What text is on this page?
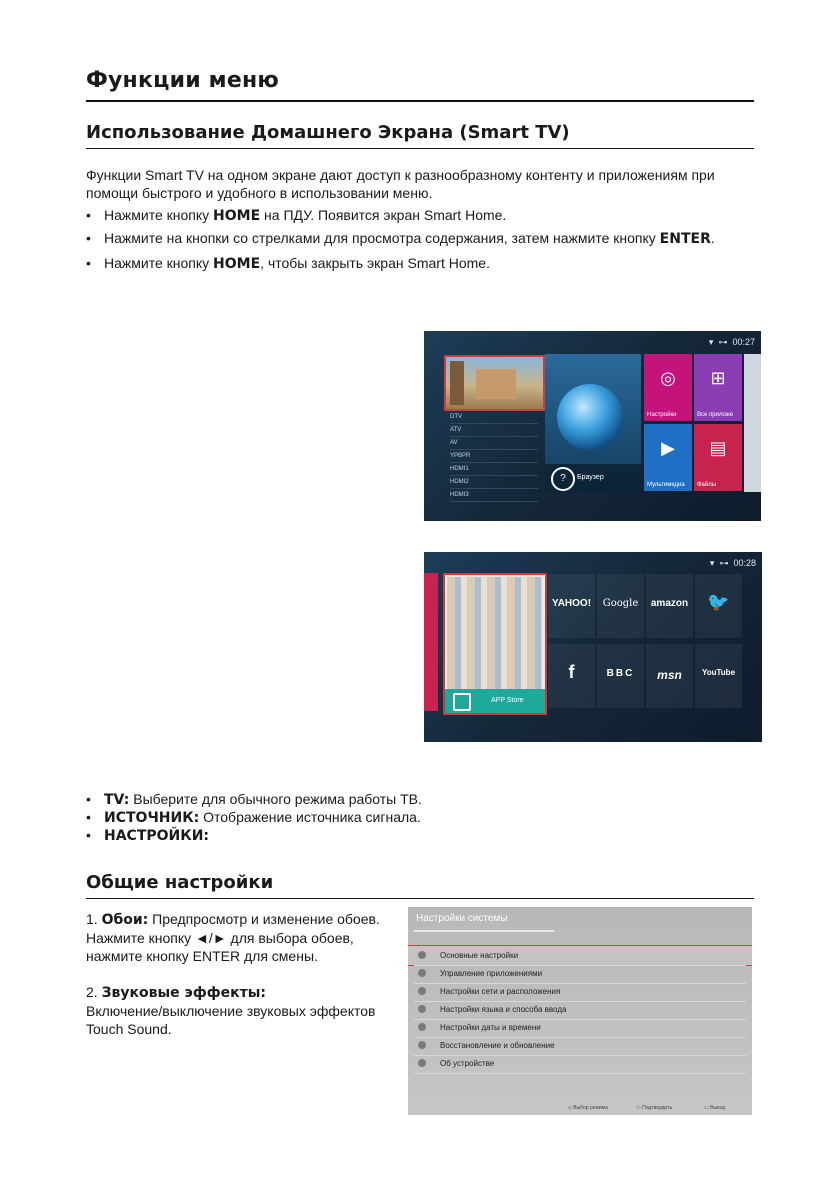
Функции меню
Использование Домашнего Экрана (Smart TV)
Функции Smart TV на одном экране дают доступ к разнообразному контенту и приложениям при
помощи быстрого и удобного в использовании меню.
• Нажмите кнопку HOME на ПДУ. Появится экран Smart Home.
• Нажмите на кнопки со стрелками для просмотра содержания, затем нажмите кнопку ENTER.
• Нажмите кнопку HOME, чтобы закрыть экран Smart Home.
▾ ⊶ 00:27
DTV
ATV
AV
YPBPR
HDMI1
HDMI2
HDMI3
?	Браузер
◎
Настройки
⊞
Все приложе
▶
Мультимедиа
▤
Файлы
▾ ⊶ 00:28
APP Store
YAHOO!	Google	amazon	🐦
f	BBC	msn	YouTube
• TV: Выберите для обычного режима работы ТВ.
• ИСТОЧНИК: Отображение источника сигнала.
• НАСТРОЙКИ:
Общие настройки
1. Обои: Предпросмотр и изменение обоев.
Нажмите кнопку ◄/► для выбора обоев,
нажмите кнопку ENTER для смены.
2. Звуковые эффекты:
Включение/выключение звуковых эффектов
Touch Sound.
Настройки системы
Основные настройки
Управление приложениями
Настройки сети и расположения
Настройки языка и способа ввода
Настройки даты и времени
Восстановление и обновление
Об устройстве
◇ Выбор режима	▭ Подтвердить	▭ Выход
